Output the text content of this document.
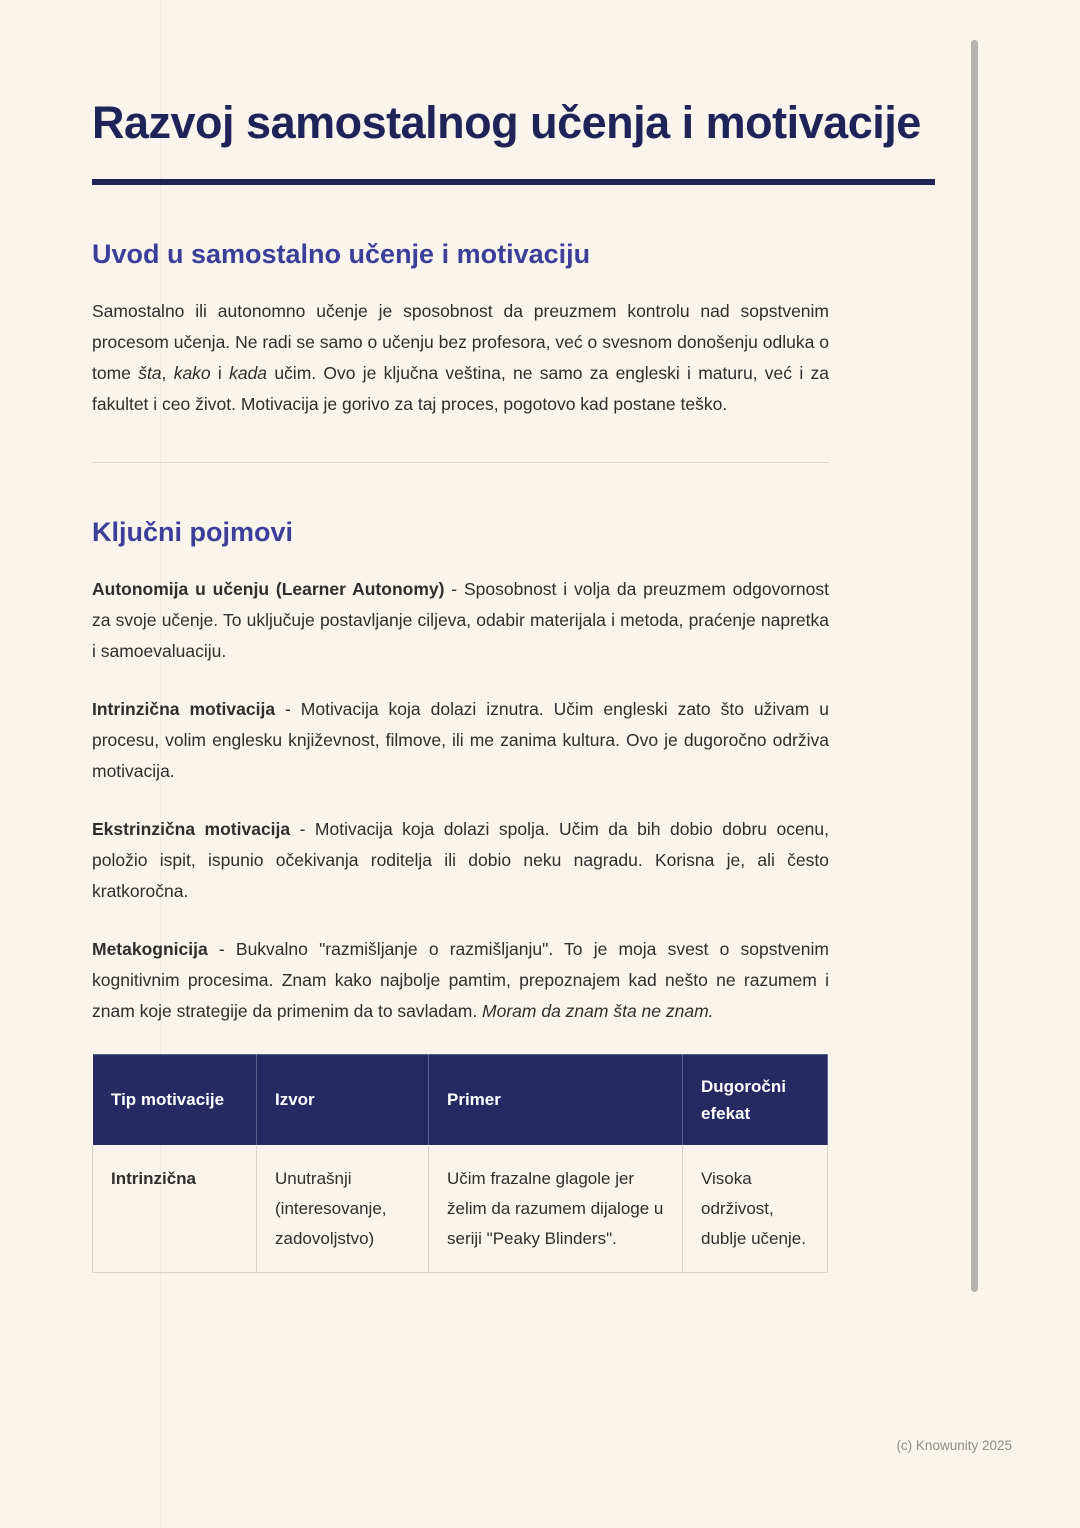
Razvoj samostalnog učenja i motivacije
Uvod u samostalno učenje i motivaciju

Samostalno ili autonomno učenje je sposobnost da preuzmem kontrolu nad sopstvenim procesom učenja. Ne radi se samo o učenju bez profesora, već o svesnom donošenju odluka o tome šta, kako i kada učim. Ovo je ključna veština, ne samo za engleski i maturu, već i za fakultet i ceo život. Motivacija je gorivo za taj proces, pogotovo kad postane teško.

Ključni pojmovi

Autonomija u učenju (Learner Autonomy) - Sposobnost i volja da preuzmem odgovornost za svoje učenje. To uključuje postavljanje ciljeva, odabir materijala i metoda, praćenje napretka i samoevaluaciju.

Intrinzična motivacija - Motivacija koja dolazi iznutra. Učim engleski zato što uživam u procesu, volim englesku književnost, filmove, ili me zanima kultura. Ovo je dugoročno održiva motivacija.

Ekstrinzična motivacija - Motivacija koja dolazi spolja. Učim da bih dobio dobru ocenu, položio ispit, ispunio očekivanja roditelja ili dobio neku nagradu. Korisna je, ali često kratkoročna.

Metakognicija - Bukvalno "razmišljanje o razmišljanju". To je moja svest o sopstvenim kognitivnim procesima. Znam kako najbolje pamtim, prepoznajem kad nešto ne razumem i znam koje strategije da primenim da to savladam. Moram da znam šta ne znam.

Tip motivacije	Izvor	Primer	Dugoročni efekat
Intrinzična	Unutrašnji (interesovanje, zadovoljstvo)	Učim frazalne glagole jer želim da razumem dijaloge u seriji "Peaky Blinders".	Visoka održivost, dublje učenje.
(c) Knowunity 2025
